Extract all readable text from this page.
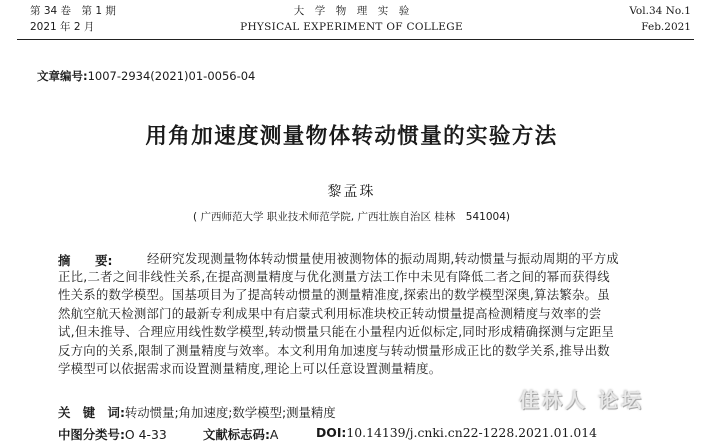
第 34 卷　第 1 期
2021 年 2 月
大　学　物　理　实　验
PHYSICAL EXPERIMENT OF COLLEGE
Vol.34 No.1
Feb.2021
文章编号:1007-2934(2021)01-0056-04
用角加速度测量物体转动惯量的实验方法
黎孟珠
( 广西师范大学 职业技术师范学院, 广西壮族自治区 桂林　541004)
摘　　要:	经研究发现测量物体转动惯量使用被测物体的振动周期,转动惯量与振动周期的平方成
正比,二者之间非线性关系,在提高测量精度与优化测量方法工作中未见有降低二者之间的幂而获得线
性关系的数学模型。国基项目为了提高转动惯量的测量精准度,探索出的数学模型深奥,算法繁杂。虽
然航空航天检测部门的最新专利成果中有启蒙式利用标准块校正转动惯量提高检测精度与效率的尝
试,但未推导、合理应用线性数学模型,转动惯量只能在小量程内近似标定,同时形成精确探测与定距呈
反方向的关系,限制了测量精度与效率。本文利用角加速度与转动惯量形成正比的数学关系,推导出数
学模型可以依据需求而设置测量精度,理论上可以任意设置测量精度。
关　键　词:转动惯量;角加速度;数学模型;测量精度
中图分类号:O 4-33	文献标志码:A	DOI:10.14139/j.cnki.cn22-1228.2021.01.014
佳林人 论坛
